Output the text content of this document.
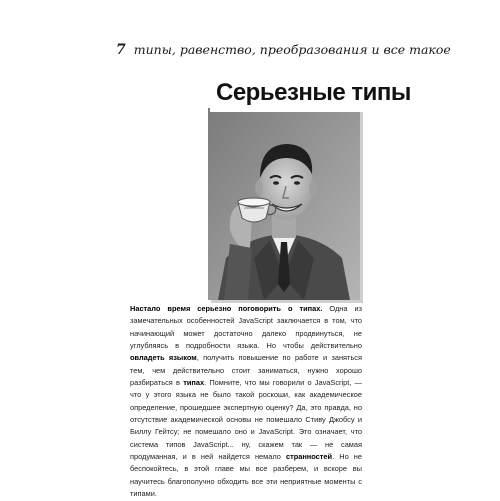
7 типы, равенство, преобразования и все такое
Серьезные типы
Настало время серьезно поговорить о типах. Одна из замечательных особенностей JavaScript заключается в том, что начинающий может достаточно далеко продвинуться, не углубляясь в подробности языка. Но чтобы действительно овладеть языком, получить повышение по работе и заняться тем, чем действительно стоит заниматься, нужно хорошо разбираться в типах. Помните, что мы говорили о JavaScript, — что у этого языка не было такой роскоши, как академическое определение, прошедшее экспертную оценку? Да, это правда, но отсутствие академической основы не помешало Стиву Джобсу и Биллу Гейтсу; не помешало оно и JavaScript. Это означает, что система типов JavaScript... ну, скажем так — не самая продуманная, и в ней найдется немало странностей. Но не беспокойтесь, в этой главе мы все разберем, и вскоре вы научитесь благополучно обходить все эти неприятные моменты с типами.
